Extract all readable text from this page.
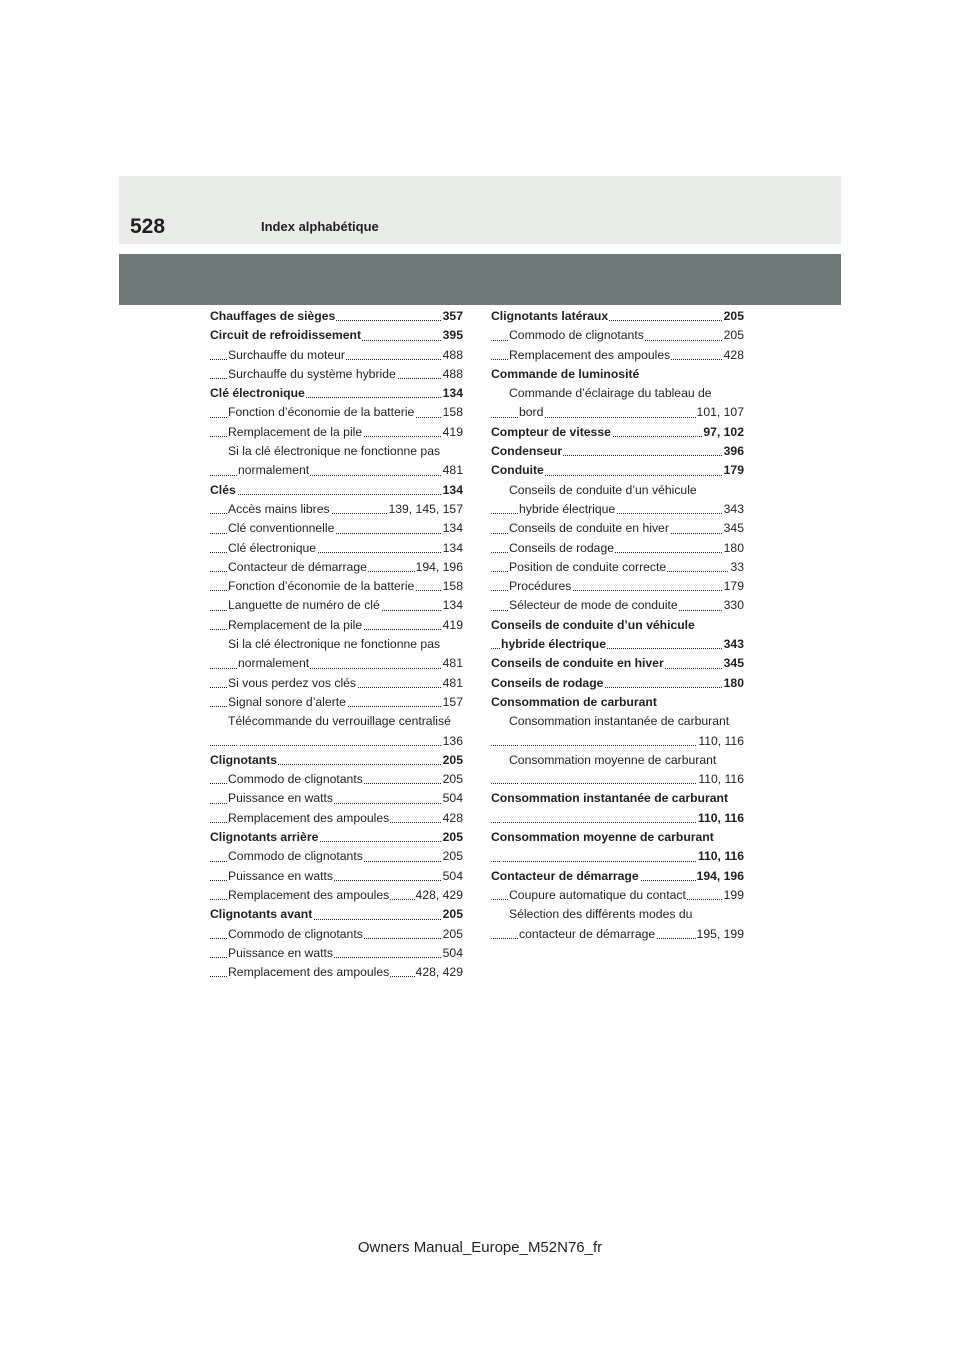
528	Index alphabétique
Chauffages de sièges	357
Circuit de refroidissement	395
Surchauffe du moteur	488
Surchauffe du système hybride	488
Clé électronique	134
Fonction d’économie de la batterie 158
Remplacement de la pile	419
Si la clé électronique ne fonctionne pas
normalement	481
Clés	134
Accès mains libres	139, 145, 157
Clé conventionnelle	134
Clé électronique	134
Contacteur de démarrage	194, 196
Fonction d’économie de la batterie 158
Languette de numéro de clé	134
Remplacement de la pile	419
Si la clé électronique ne fonctionne pas
normalement	481
Si vous perdez vos clés	481
Signal sonore d’alerte	157
Télécommande du verrouillage centralisé
136
Clignotants	205
Commodo de clignotants	205
Puissance en watts	504
Remplacement des ampoules	428
Clignotants arrière	205
Commodo de clignotants	205
Puissance en watts	504
Remplacement des ampoules 428, 429
Clignotants avant	205
Commodo de clignotants	205
Puissance en watts	504
Remplacement des ampoules 428, 429
Clignotants latéraux	205
Commodo de clignotants	205
Remplacement des ampoules	428
Commande de luminosité
Commande d’éclairage du tableau de
bord	101, 107
Compteur de vitesse	97, 102
Condenseur	396
Conduite	179
Conseils de conduite d’un véhicule
hybride électrique	343
Conseils de conduite en hiver	345
Conseils de rodage	180
Position de conduite correcte	33
Procédures	179
Sélecteur de mode de conduite	330
Conseils de conduite d’un véhicule
hybride électrique	343
Conseils de conduite en hiver	345
Conseils de rodage	180
Consommation de carburant
Consommation instantanée de carburant
110, 116
Consommation moyenne de carburant
110, 116
Consommation instantanée de carburant
110, 116
Consommation moyenne de carburant
110, 116
Contacteur de démarrage	194, 196
Coupure automatique du contact	199
Sélection des différents modes du
contacteur de démarrage	195, 199
Owners Manual_Europe_M52N76_fr
